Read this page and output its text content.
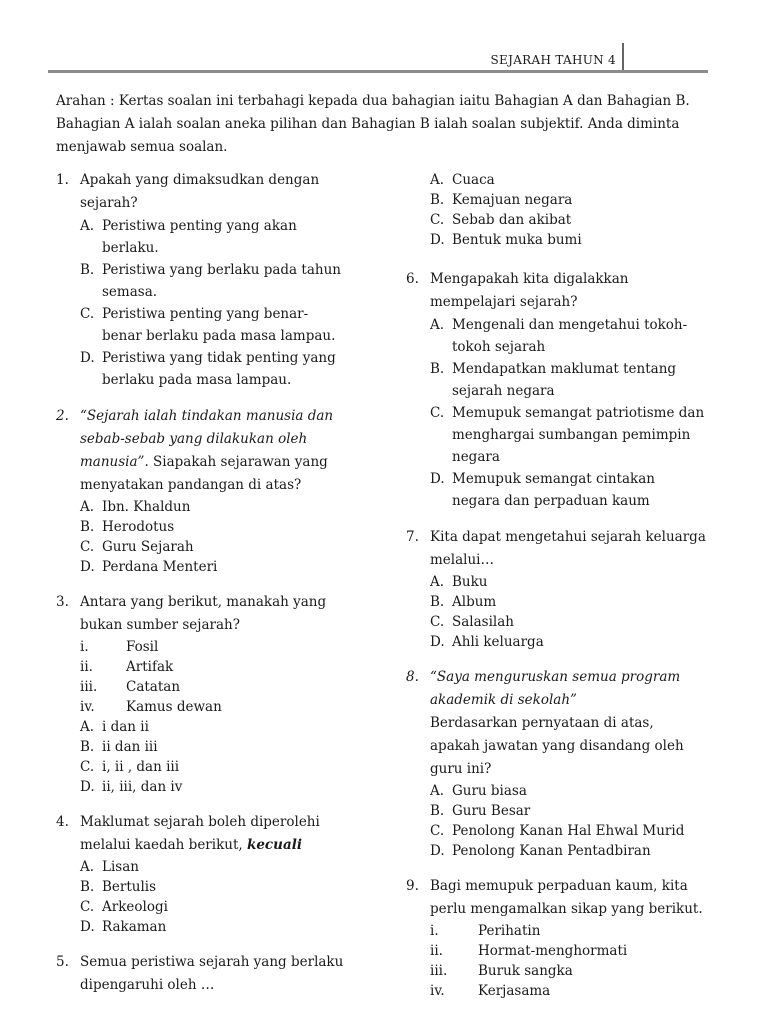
SEJARAH TAHUN 4
Arahan : Kertas soalan ini terbahagi kepada dua bahagian iaitu Bahagian A dan Bahagian B. Bahagian A ialah soalan aneka pilihan dan Bahagian B ialah soalan subjektif. Anda diminta menjawab semua soalan.
1. Apakah yang dimaksudkan dengan sejarah?
A. Peristiwa penting yang akan berlaku.
B. Peristiwa yang berlaku pada tahun semasa.
C. Peristiwa penting yang benar-benar berlaku pada masa lampau.
D. Peristiwa yang tidak penting yang berlaku pada masa lampau.
2. “Sejarah ialah tindakan manusia dan sebab-sebab yang dilakukan oleh manusia”. Siapakah sejarawan yang menyatakan pandangan di atas?
A. Ibn. Khaldun
B. Herodotus
C. Guru Sejarah
D. Perdana Menteri
3. Antara yang berikut, manakah yang bukan sumber sejarah?
i.	Fosil
ii.	Artifak
iii.	Catatan
iv.	Kamus dewan
A. i dan ii
B. ii dan iii
C. i, ii , dan iii
D. ii, iii, dan iv
4. Maklumat sejarah boleh diperolehi melalui kaedah berikut, kecuali
A. Lisan
B. Bertulis
C. Arkeologi
D. Rakaman
5. Semua peristiwa sejarah yang berlaku dipengaruhi oleh …
A. Cuaca
B. Kemajuan negara
C. Sebab dan akibat
D. Bentuk muka bumi
6. Mengapakah kita digalakkan mempelajari sejarah?
A. Mengenali dan mengetahui tokoh-tokoh sejarah
B. Mendapatkan maklumat tentang sejarah negara
C. Memupuk semangat patriotisme dan menghargai sumbangan pemimpin negara
D. Memupuk semangat cintakan negara dan perpaduan kaum
7. Kita dapat mengetahui sejarah keluarga melalui…
A. Buku
B. Album
C. Salasilah
D. Ahli keluarga
8. “Saya menguruskan semua program akademik di sekolah”
Berdasarkan pernyataan di atas, apakah jawatan yang disandang oleh guru ini?
A. Guru biasa
B. Guru Besar
C. Penolong Kanan Hal Ehwal Murid
D. Penolong Kanan Pentadbiran
9. Bagi memupuk perpaduan kaum, kita perlu mengamalkan sikap yang berikut.
i.	Perihatin
ii.	Hormat-menghormati
iii.	Buruk sangka
iv.	Kerjasama
